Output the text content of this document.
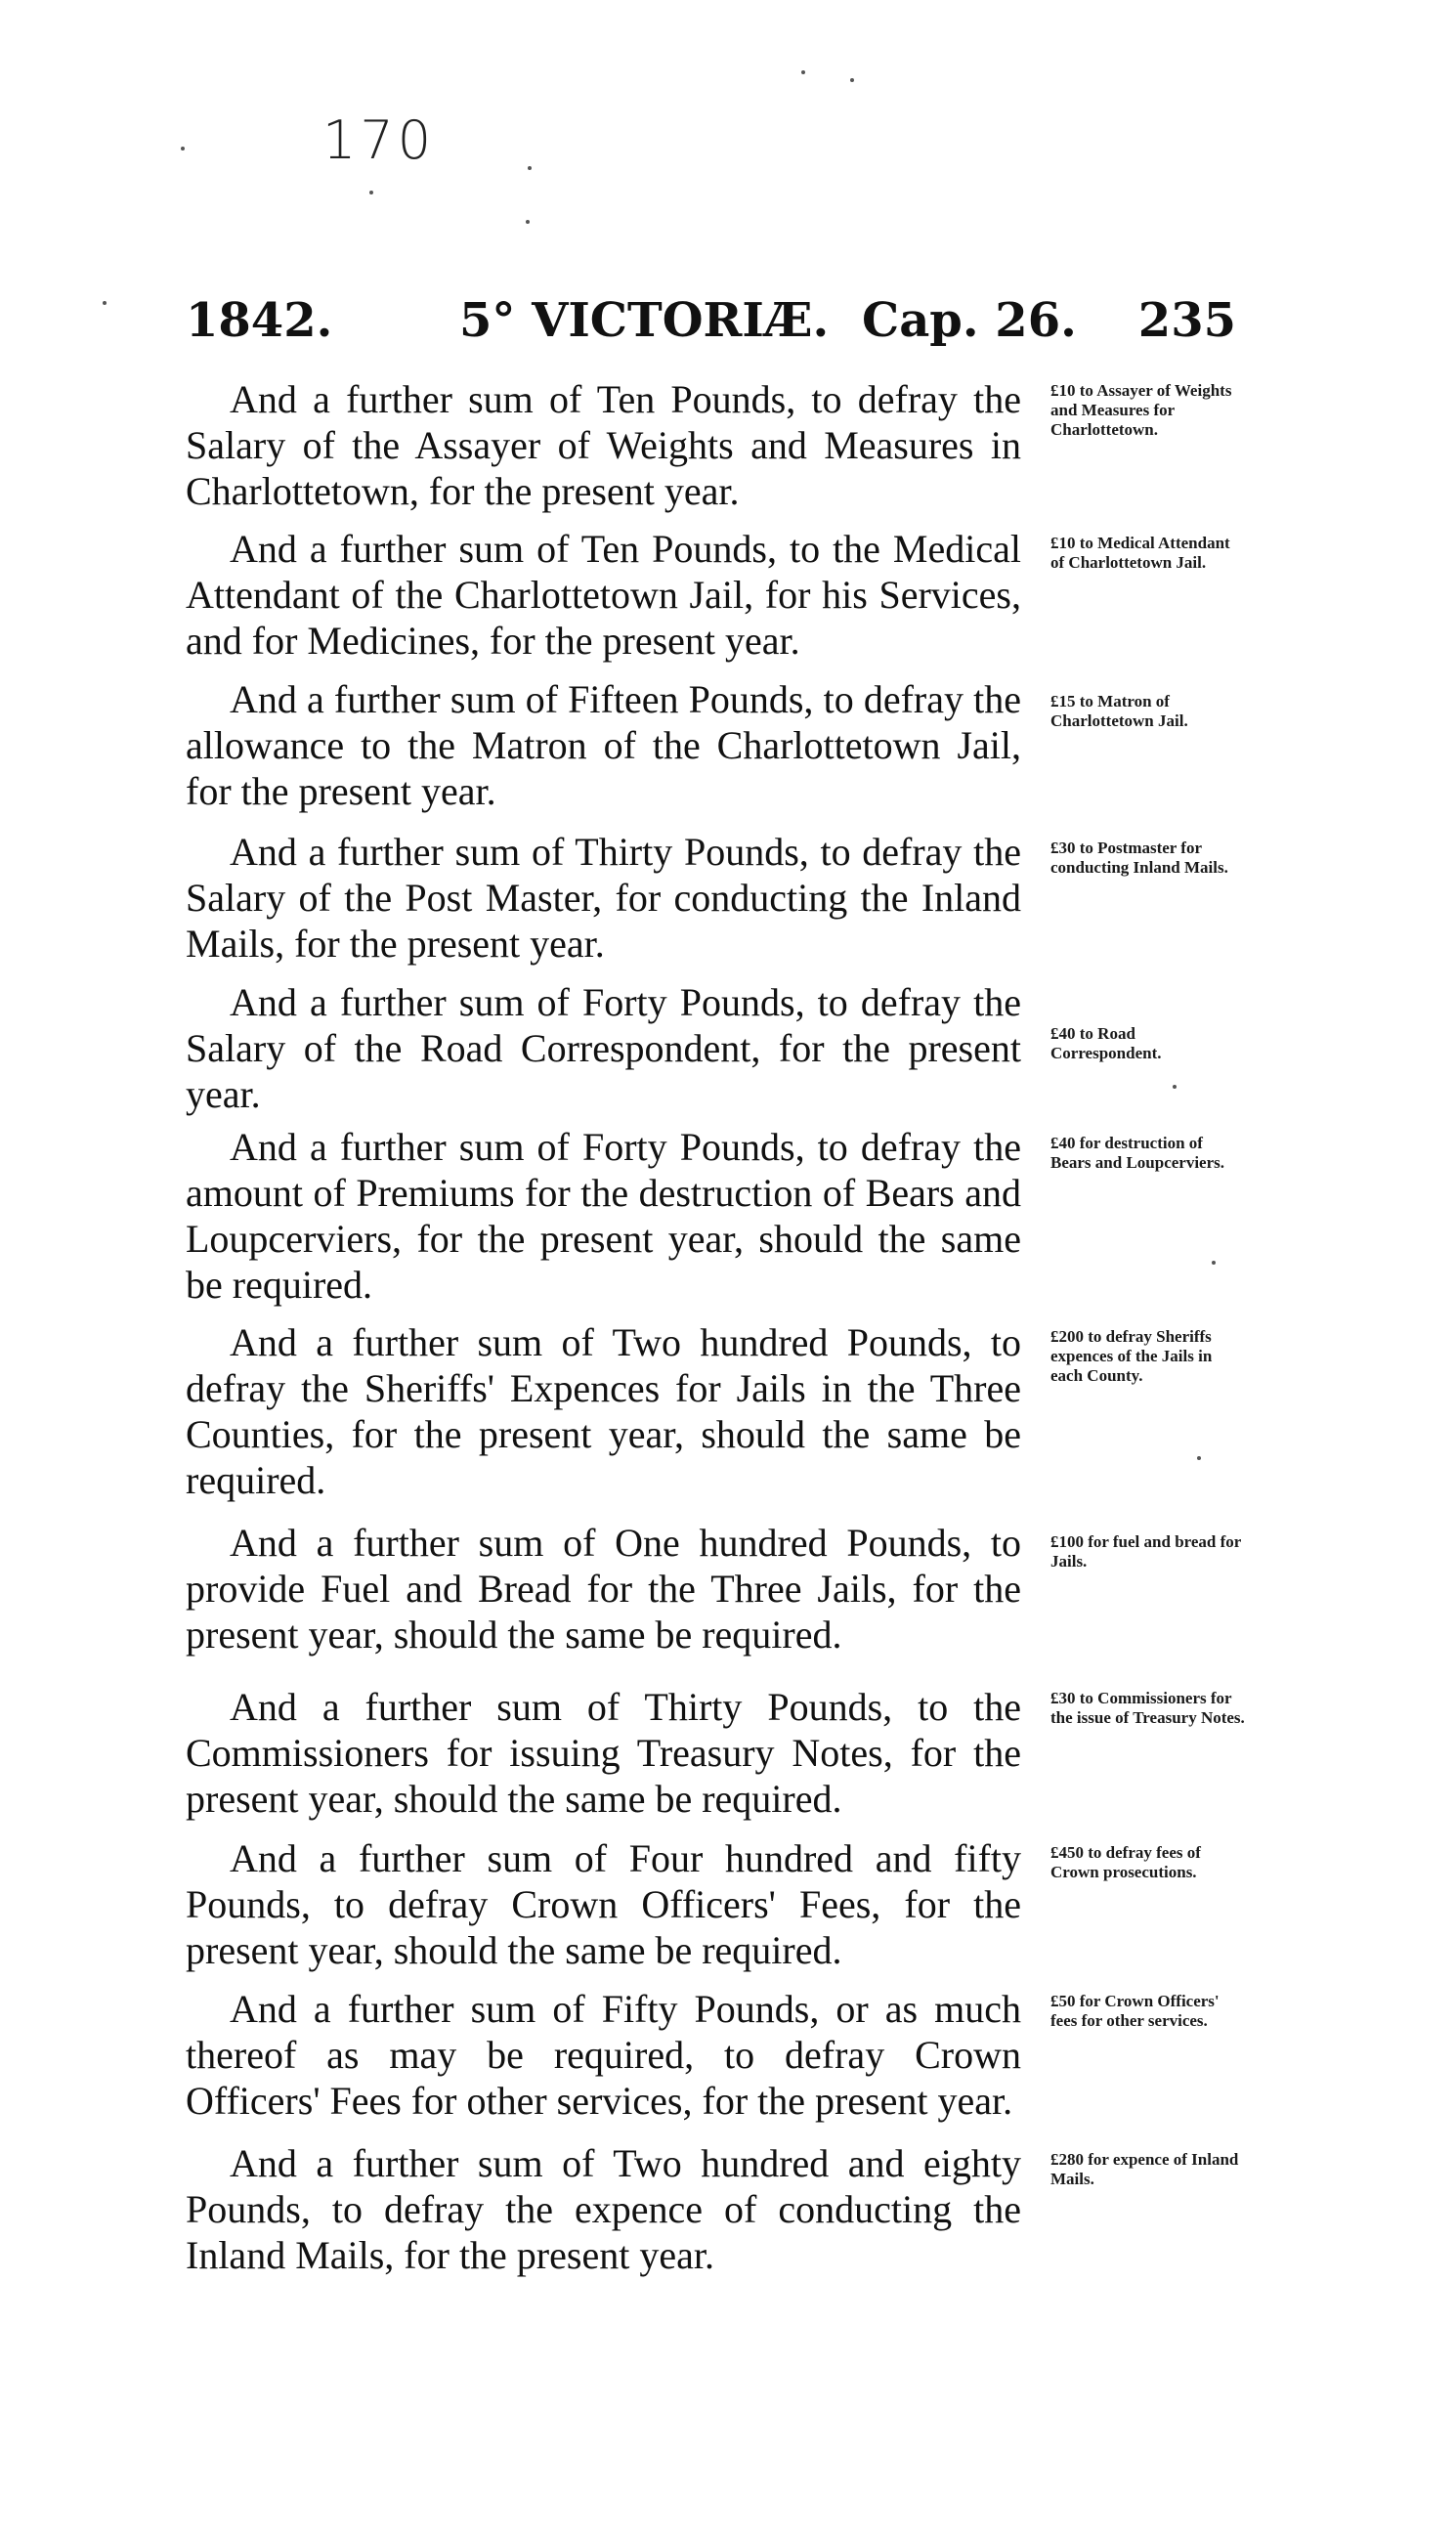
170
1842.	5° VICTORIÆ. Cap. 26. 235
And a further sum of Ten Pounds, to defray the Salary of the Assayer of Weights and Measures in Charlottetown, for the present year.
£10 to Assayer of Weights and Measures for Charlottetown.
And a further sum of Ten Pounds, to the Medical Attendant of the Charlottetown Jail, for his Services, and for Medicines, for the present year.
£10 to Medical Attendant of Charlottetown Jail.
And a further sum of Fifteen Pounds, to defray the allowance to the Matron of the Charlottetown Jail, for the present year.
£15 to Matron of Charlottetown Jail.
And a further sum of Thirty Pounds, to defray the Salary of the Post Master, for conducting the Inland Mails, for the present year.
£30 to Postmaster for conducting Inland Mails.
And a further sum of Forty Pounds, to defray the Salary of the Road Correspondent, for the present year.
£40 to Road Correspondent.
And a further sum of Forty Pounds, to defray the amount of Premiums for the destruction of Bears and Loupcerviers, for the present year, should the same be required.
£40 for destruction of Bears and Loupcerviers.
And a further sum of Two hundred Pounds, to defray the Sheriffs' Expences for Jails in the Three Counties, for the present year, should the same be required.
£200 to defray Sheriffs expences of the Jails in each County.
And a further sum of One hundred Pounds, to provide Fuel and Bread for the Three Jails, for the present year, should the same be required.
£100 for fuel and bread for Jails.
And a further sum of Thirty Pounds, to the Commissioners for issuing Treasury Notes, for the present year, should the same be required.
£30 to Commissioners for the issue of Treasury Notes.
And a further sum of Four hundred and fifty Pounds, to defray Crown Officers' Fees, for the present year, should the same be required.
£450 to defray fees of Crown prosecutions.
And a further sum of Fifty Pounds, or as much thereof as may be required, to defray Crown Officers' Fees for other services, for the present year.
£50 for Crown Officers' fees for other services.
And a further sum of Two hundred and eighty Pounds, to defray the expence of conducting the Inland Mails, for the present year.
£280 for expence of Inland Mails.
